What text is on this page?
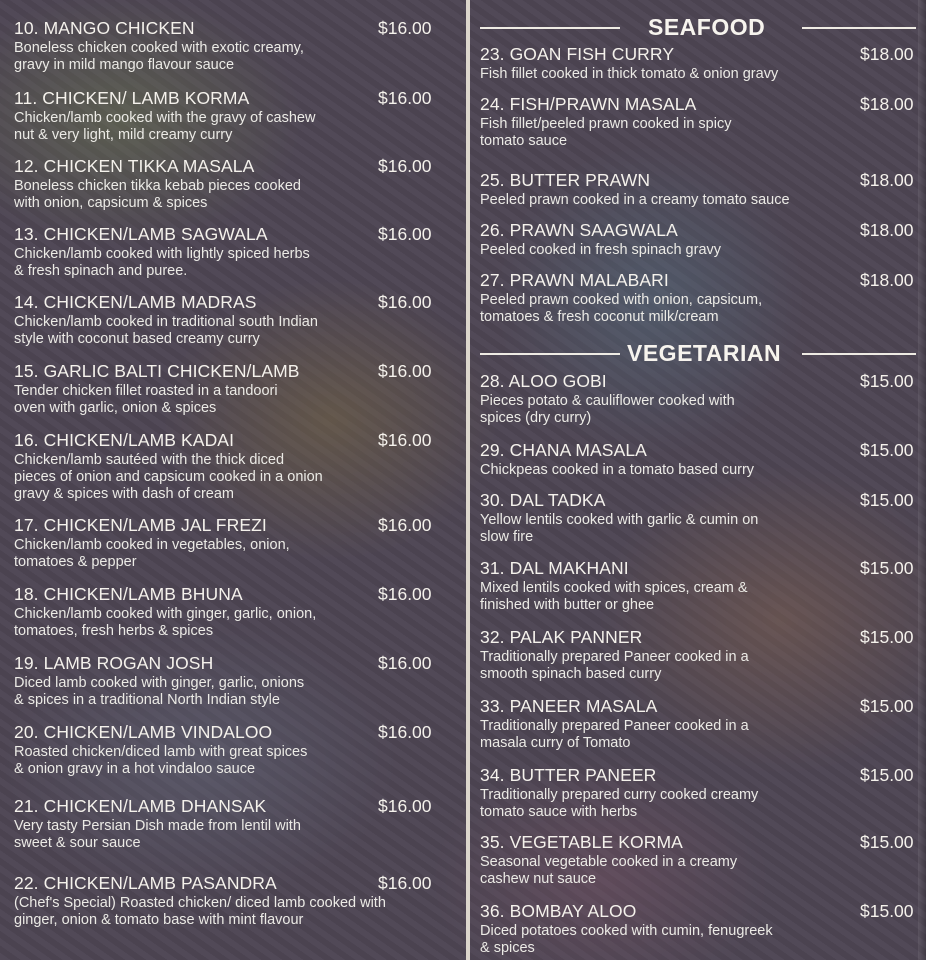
10. MANGO CHICKEN	$16.00
Boneless chicken cooked with exotic creamy,
gravy in mild mango flavour sauce
11. CHICKEN/ LAMB KORMA	$16.00
Chicken/lamb cooked with the gravy of cashew
nut & very light, mild creamy curry
12. CHICKEN TIKKA MASALA	$16.00
Boneless chicken tikka kebab pieces cooked
with onion, capsicum & spices
13. CHICKEN/LAMB SAGWALA	$16.00
Chicken/lamb cooked with lightly spiced herbs
& fresh spinach and puree.
14. CHICKEN/LAMB MADRAS	$16.00
Chicken/lamb cooked in traditional south Indian
style with coconut based creamy curry
15. GARLIC BALTI CHICKEN/LAMB	$16.00
Tender chicken fillet roasted in a tandoori
oven with garlic, onion & spices
16. CHICKEN/LAMB KADAI	$16.00
Chicken/lamb sautéed with the thick diced
pieces of onion and capsicum cooked in a onion
gravy & spices with dash of cream
17. CHICKEN/LAMB JAL FREZI	$16.00
Chicken/lamb cooked in vegetables, onion,
tomatoes & pepper
18. CHICKEN/LAMB BHUNA	$16.00
Chicken/lamb cooked with ginger, garlic, onion,
tomatoes, fresh herbs & spices
19. LAMB ROGAN JOSH	$16.00
Diced lamb cooked with ginger, garlic, onions
& spices in a traditional North Indian style
20. CHICKEN/LAMB VINDALOO	$16.00
Roasted chicken/diced lamb with great spices
& onion gravy in a hot vindaloo sauce
21. CHICKEN/LAMB DHANSAK	$16.00
Very tasty Persian Dish made from lentil with
sweet & sour sauce
22. CHICKEN/LAMB PASANDRA	$16.00
(Chef's Special) Roasted chicken/ diced lamb cooked with
ginger, onion & tomato base with mint flavour
SEAFOOD
VEGETARIAN
23. GOAN FISH CURRY	$18.00
Fish fillet cooked in thick tomato & onion gravy
24. FISH/PRAWN MASALA	$18.00
Fish fillet/peeled prawn cooked in spicy
tomato sauce
25. BUTTER PRAWN	$18.00
Peeled prawn cooked in a creamy tomato sauce
26. PRAWN SAAGWALA	$18.00
Peeled cooked in fresh spinach gravy
27. PRAWN MALABARI	$18.00
Peeled prawn cooked with onion, capsicum,
tomatoes & fresh coconut milk/cream
28. ALOO GOBI	$15.00
Pieces potato & cauliflower cooked with
spices (dry curry)
29. CHANA MASALA	$15.00
Chickpeas cooked in a tomato based curry
30. DAL TADKA	$15.00
Yellow lentils cooked with garlic & cumin on
slow fire
31. DAL MAKHANI	$15.00
Mixed lentils cooked with spices, cream &
finished with butter or ghee
32. PALAK PANNER	$15.00
Traditionally prepared Paneer cooked in a
smooth spinach based curry
33. PANEER MASALA	$15.00
Traditionally prepared Paneer cooked in a
masala curry of Tomato
34. BUTTER PANEER	$15.00
Traditionally prepared curry cooked creamy
tomato sauce with herbs
35. VEGETABLE KORMA	$15.00
Seasonal vegetable cooked in a creamy
cashew nut sauce
36. BOMBAY ALOO	$15.00
Diced potatoes cooked with cumin, fenugreek
& spices
